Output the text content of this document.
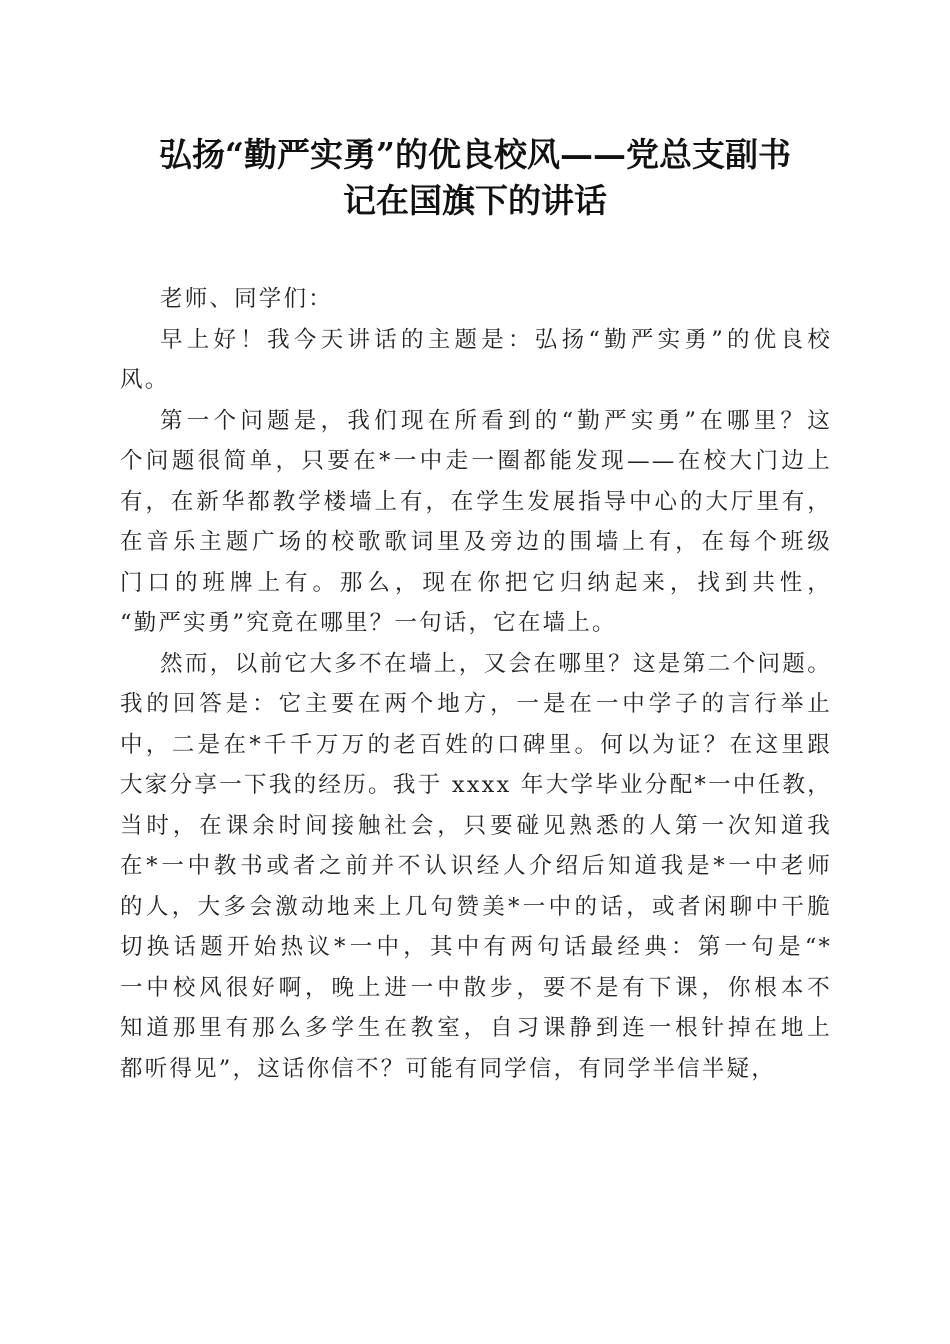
弘扬“勤严实勇”的优良校风——党总支副书
记在国旗下的讲话
老师、同学们：
早上好！我今天讲话的主题是：弘扬“勤严实勇”的优良校
风。
第一个问题是，我们现在所看到的“勤严实勇”在哪里？这
个问题很简单，只要在*一中走一圈都能发现——在校大门边上
有，在新华都教学楼墙上有，在学生发展指导中心的大厅里有，
在音乐主题广场的校歌歌词里及旁边的围墙上有，在每个班级
门口的班牌上有。那么，现在你把它归纳起来，找到共性，
“勤严实勇”究竟在哪里？一句话，它在墙上。
然而，以前它大多不在墙上，又会在哪里？这是第二个问题。
我的回答是：它主要在两个地方，一是在一中学子的言行举止
中，二是在*千千万万的老百姓的口碑里。何以为证？在这里跟
大家分享一下我的经历。我于 xxxx 年大学毕业分配*一中任教，
当时，在课余时间接触社会，只要碰见熟悉的人第一次知道我
在*一中教书或者之前并不认识经人介绍后知道我是*一中老师
的人，大多会激动地来上几句赞美*一中的话，或者闲聊中干脆
切换话题开始热议*一中，其中有两句话最经典：第一句是“*
一中校风很好啊，晚上进一中散步，要不是有下课，你根本不
知道那里有那么多学生在教室，自习课静到连一根针掉在地上
都听得见”，这话你信不？可能有同学信，有同学半信半疑，
